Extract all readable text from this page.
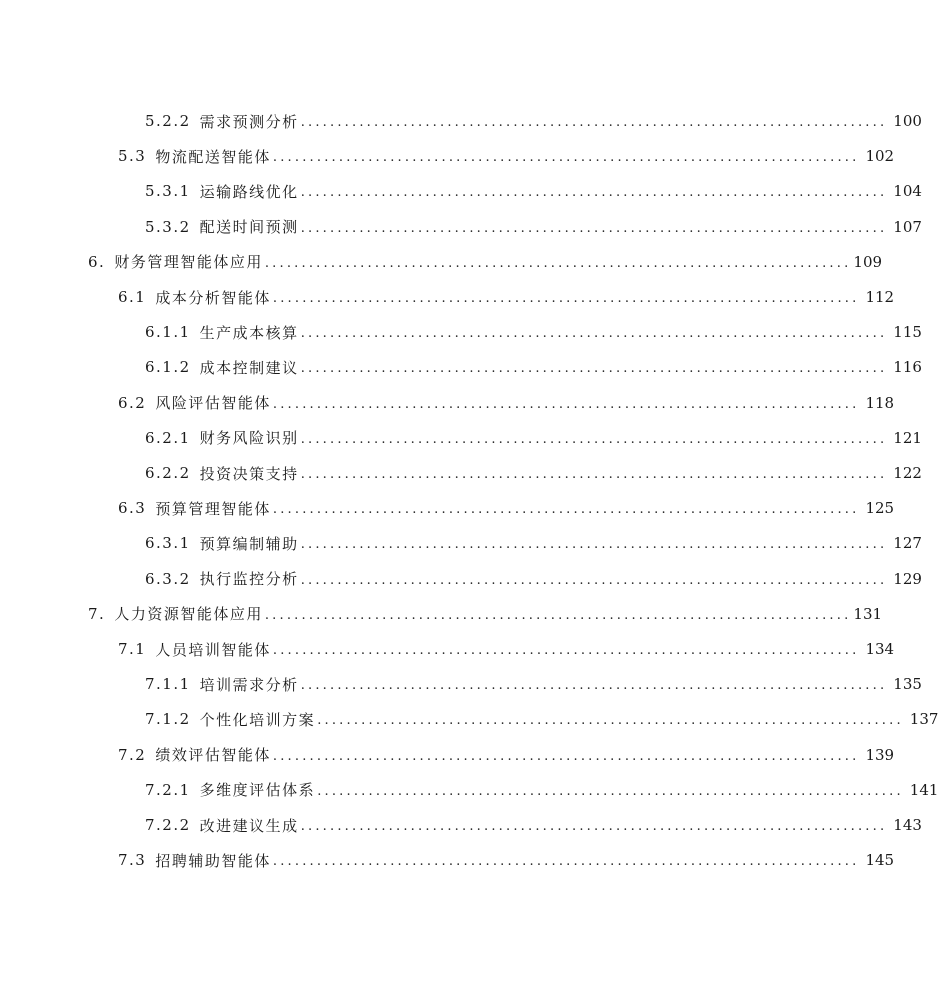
5.2.2 需求预测分析 ................................................................................ 100
5.3 物流配送智能体 ................................................................................ 102
5.3.1 运输路线优化 ................................................................................ 104
5.3.2 配送时间预测 ................................................................................ 107
6. 财务管理智能体应用 ................................................................................ 109
6.1 成本分析智能体 ................................................................................ 112
6.1.1 生产成本核算 ................................................................................ 115
6.1.2 成本控制建议 ................................................................................ 116
6.2 风险评估智能体 ................................................................................ 118
6.2.1 财务风险识别 ................................................................................ 121
6.2.2 投资决策支持 ................................................................................ 122
6.3 预算管理智能体 ................................................................................ 125
6.3.1 预算编制辅助 ................................................................................ 127
6.3.2 执行监控分析 ................................................................................ 129
7. 人力资源智能体应用 ................................................................................ 131
7.1 人员培训智能体 ................................................................................ 134
7.1.1 培训需求分析 ................................................................................ 135
7.1.2 个性化培训方案 ................................................................................ 137
7.2 绩效评估智能体 ................................................................................ 139
7.2.1 多维度评估体系 ................................................................................ 141
7.2.2 改进建议生成 ................................................................................ 143
7.3 招聘辅助智能体 ................................................................................ 145
